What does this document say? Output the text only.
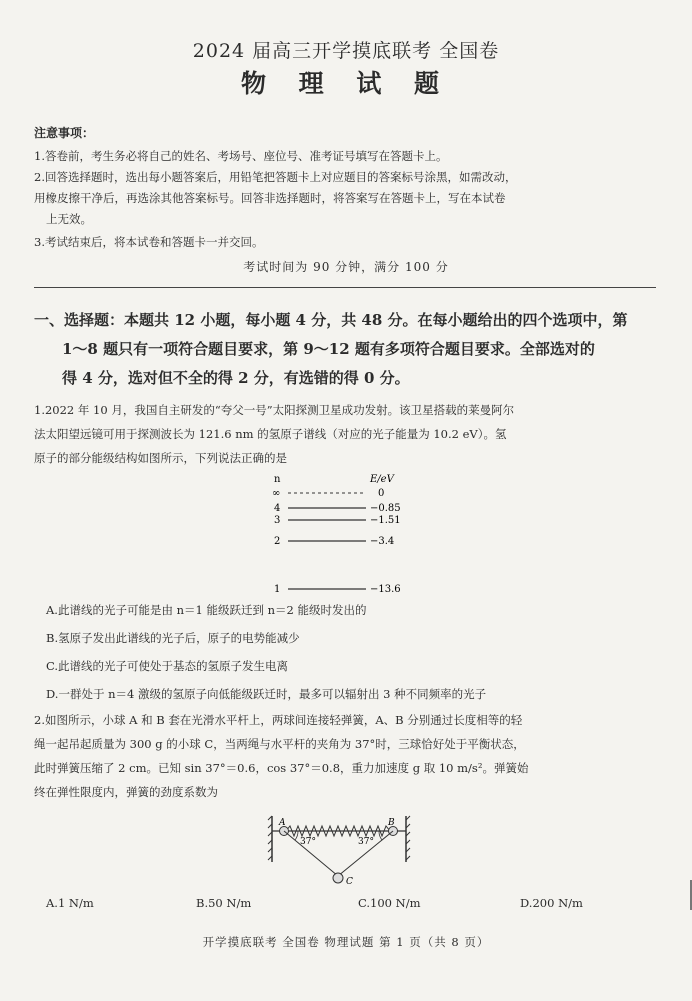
2024 届高三开学摸底联考 全国卷
物 理 试 题
注意事项：
1.答卷前，考生务必将自己的姓名、考场号、座位号、准考证号填写在答题卡上。
2.回答选择题时，选出每小题答案后，用铅笔把答题卡上对应题目的答案标号涂黑，如需改动，
用橡皮擦干净后，再选涂其他答案标号。回答非选择题时，将答案写在答题卡上，写在本试卷
上无效。
3.考试结束后，将本试卷和答题卡一并交回。
考试时间为 90 分钟，满分 100 分
一、选择题：本题共 12 小题，每小题 4 分，共 48 分。在每小题给出的四个选项中，第
1～8 题只有一项符合题目要求，第 9～12 题有多项符合题目要求。全部选对的
得 4 分，选对但不全的得 2 分，有选错的得 0 分。
1.2022 年 10 月，我国自主研发的“夸父一号”太阳探测卫星成功发射。该卫星搭载的莱曼阿尔
法太阳望远镜可用于探测波长为 121.6 nm 的氢原子谱线（对应的光子能量为 10.2 eV）。氢
原子的部分能级结构如图所示，下列说法正确的是
n	E/eV
∞	0
4	−0.85
3	−1.51
2	−3.4
1	−13.6
A.此谱线的光子可能是由 n＝1 能级跃迁到 n＝2 能级时发出的
B.氢原子发出此谱线的光子后，原子的电势能减少
C.此谱线的光子可使处于基态的氢原子发生电离
D.一群处于 n＝4 激级的氢原子向低能级跃迁时，最多可以辐射出 3 种不同频率的光子
2.如图所示，小球 A 和 B 套在光滑水平杆上，两球间连接轻弹簧，A、B 分别通过长度相等的轻
绳一起吊起质量为 300 g 的小球 C，当两绳与水平杆的夹角为 37°时，三球恰好处于平衡状态，
此时弹簧压缩了 2 cm。已知 sin 37°＝0.6，cos 37°＝0.8，重力加速度 g 取 10 m/s²。弹簧始
终在弹性限度内，弹簧的劲度系数为
A	B
37°	37°
C
A.1 N/m	B.50 N/m	C.100 N/m	D.200 N/m
开学摸底联考 全国卷 物理试题 第 1 页（共 8 页）
